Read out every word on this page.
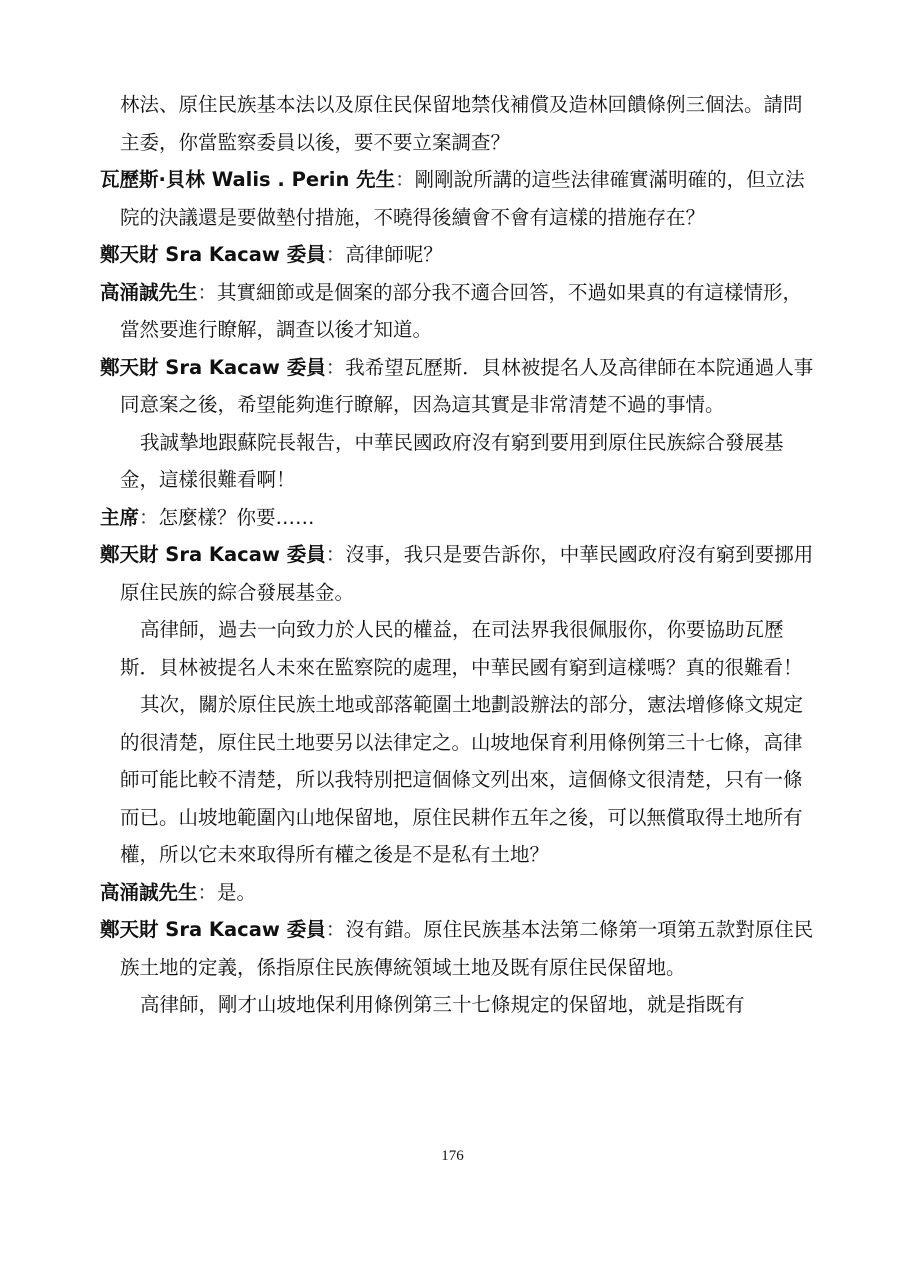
林法、原住民族基本法以及原住民保留地禁伐補償及造林回饋條例三個法。請問主委，你當監察委員以後，要不要立案調查？

瓦歷斯·貝林 Walis . Perin 先生：剛剛說所講的這些法律確實滿明確的，但立法院的決議還是要做墊付措施，不曉得後續會不會有這樣的措施存在？

鄭天財 Sra Kacaw 委員：高律師呢？

高涌誠先生：其實細節或是個案的部分我不適合回答，不過如果真的有這樣情形，當然要進行瞭解，調查以後才知道。

鄭天財 Sra Kacaw 委員：我希望瓦歷斯．貝林被提名人及高律師在本院通過人事同意案之後，希望能夠進行瞭解，因為這其實是非常清楚不過的事情。

我誠摯地跟蘇院長報告，中華民國政府沒有窮到要用到原住民族綜合發展基金，這樣很難看啊！

主席：怎麼樣？你要……

鄭天財 Sra Kacaw 委員：沒事，我只是要告訴你，中華民國政府沒有窮到要挪用原住民族的綜合發展基金。

高律師，過去一向致力於人民的權益，在司法界我很佩服你，你要協助瓦歷斯．貝林被提名人未來在監察院的處理，中華民國有窮到這樣嗎？真的很難看！

其次，關於原住民族土地或部落範圍土地劃設辦法的部分，憲法增修條文規定的很清楚，原住民土地要另以法律定之。山坡地保育利用條例第三十七條，高律師可能比較不清楚，所以我特別把這個條文列出來，這個條文很清楚，只有一條而已。山坡地範圍內山地保留地，原住民耕作五年之後，可以無償取得土地所有權，所以它未來取得所有權之後是不是私有土地？

高涌誠先生：是。

鄭天財 Sra Kacaw 委員：沒有錯。原住民族基本法第二條第一項第五款對原住民族土地的定義，係指原住民族傳統領域土地及既有原住民保留地。

高律師，剛才山坡地保利用條例第三十七條規定的保留地，就是指既有

176
